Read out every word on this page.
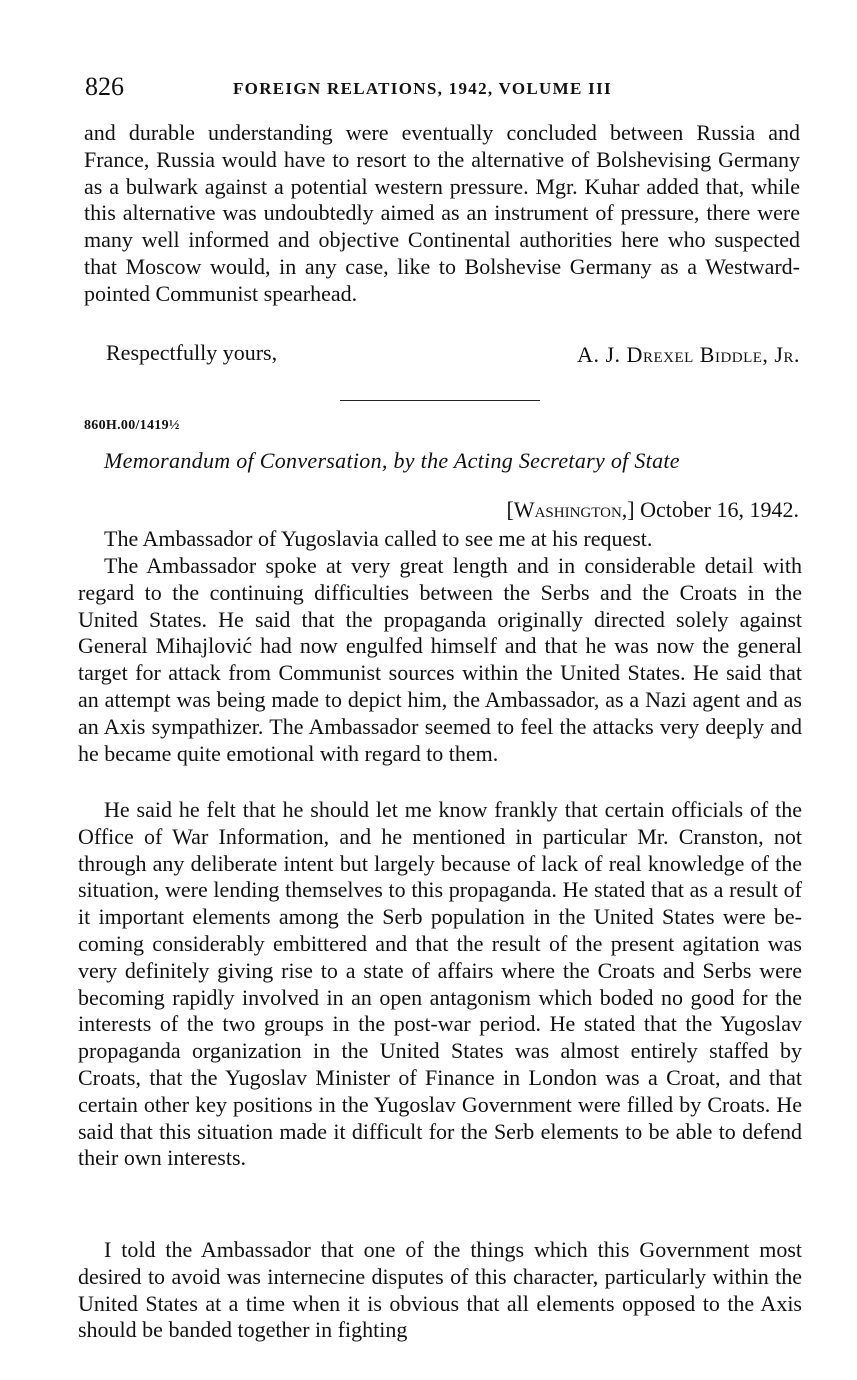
826	FOREIGN RELATIONS, 1942, VOLUME III

and durable understanding were eventually concluded between Russia and France, Russia would have to resort to the alternative of Bolshevising Germany as a bulwark against a potential western pressure. Mgr. Kuhar added that, while this alternative was undoubtedly aimed as an instrument of pressure, there were many well informed and objective Continental authorities here who suspected that Moscow would, in any case, like to Bolshevise Germany as a Westward-pointed Communist spearhead.

Respectfully yours,	A. J. Drexel Biddle, Jr.
860H.00/1419½
Memorandum of Conversation, by the Acting Secretary of State
[Washington,] October 16, 1942.

The Ambassador of Yugoslavia called to see me at his request.

The Ambassador spoke at very great length and in considerable detail with regard to the continuing difficulties between the Serbs and the Croats in the United States. He said that the propaganda originally directed solely against General Mihajlović had now engulfed himself and that he was now the general target for attack from Communist sources within the United States. He said that an attempt was being made to depict him, the Ambassador, as a Nazi agent and as an Axis sympathizer. The Ambassador seemed to feel the attacks very deeply and he became quite emotional with regard to them.

He said he felt that he should let me know frankly that certain officials of the Office of War Information, and he mentioned in particular Mr. Cranston, not through any deliberate intent but largely because of lack of real knowledge of the situation, were lending themselves to this propaganda. He stated that as a result of it important elements among the Serb population in the United States were becoming considerably embittered and that the result of the present agitation was very definitely giving rise to a state of affairs where the Croats and Serbs were becoming rapidly involved in an open antagonism which boded no good for the interests of the two groups in the post-war period. He stated that the Yugoslav propaganda organization in the United States was almost entirely staffed by Croats, that the Yugoslav Minister of Finance in London was a Croat, and that certain other key positions in the Yugoslav Government were filled by Croats. He said that this situation made it difficult for the Serb elements to be able to defend their own interests.

I told the Ambassador that one of the things which this Government most desired to avoid was internecine disputes of this character, particularly within the United States at a time when it is obvious that all elements opposed to the Axis should be banded together in fighting
